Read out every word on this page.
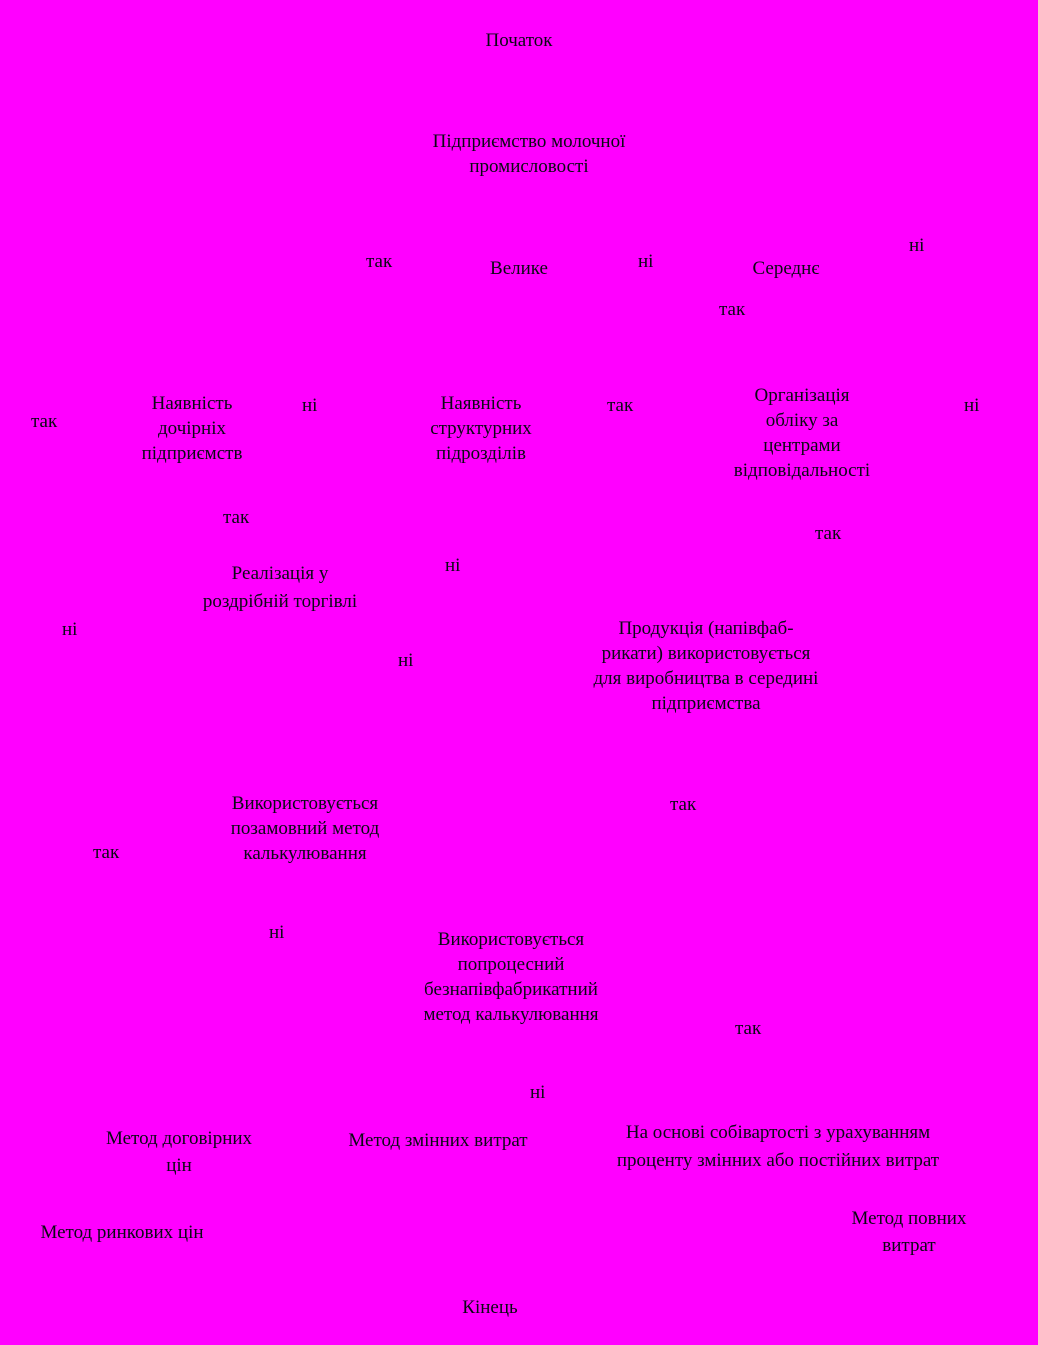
Початок
Підприємство молочної
промисловості
Велике	Середнє
Наявність
дочірніх
підприємств
Наявність
структурних
підрозділів
Організація
обліку за
центрами
відповідальності
Реалізація у
роздрібній торгівлі
Продукція (напівфаб-
рикати) використовується
для виробництва в середині
підприємства
Використовується
позамовний метод
калькулювання
Використовується
попроцесний
безнапівфабрикатний
метод калькулювання
Метод договірних
цін
Метод змінних витрат	На основі собівартості з урахуванням
проценту змінних або постійних витрат
Метод ринкових цін
Метод повних
витрат
Кінець
так	ні
ні
так
так
ні	так	ні
так
так
ні
ні
ні
так
так
ні
так
ні
